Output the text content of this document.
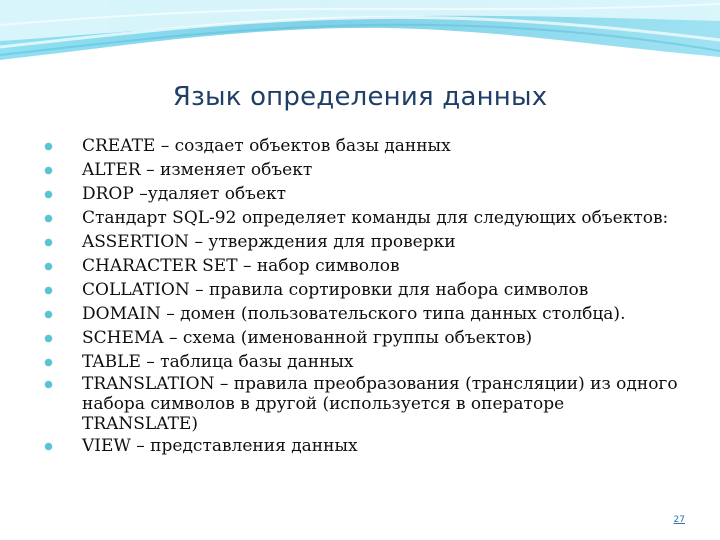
Язык определения данных
CREATE – создает объектов базы данных
ALTER – изменяет объект
DROP –удаляет объект
Стандарт SQL-92 определяет команды для следующих объектов:
ASSERTION – утверждения для проверки
CHARACTER SET – набор символов
COLLATION – правила сортировки для набора символов
DOMAIN – домен (пользовательского типа данных столбца).
SCHEMA – схема (именованной группы объектов)
TABLE – таблица базы данных
TRANSLATION – правила преобразования (трансляции) из одного набора символов в другой (используется в операторе TRANSLATE)
VIEW – представления данных
27
